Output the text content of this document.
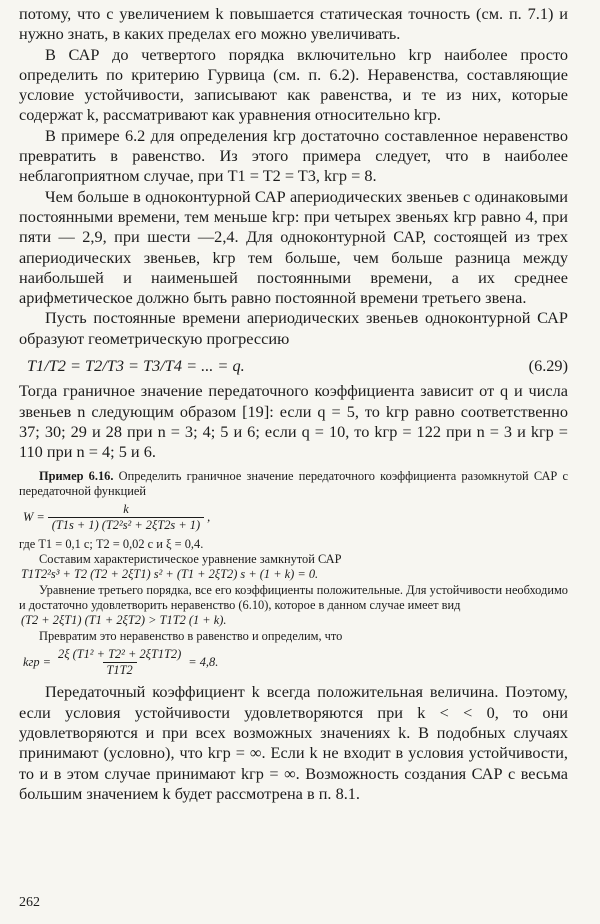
потому, что с увеличением k повышается статическая точность (см. п. 7.1) и нужно знать, в каких пределах его можно увеличивать.

В САР до четвертого порядка включительно kгр наиболее просто определить по критерию Гурвица (см. п. 6.2). Неравенства, составляющие условие устойчивости, записывают как равенства, и те из них, которые содержат k, рассматривают как уравнения относительно kгр.

В примере 6.2 для определения kгр достаточно составленное неравенство превратить в равенство. Из этого примера следует, что в наиболее неблагоприятном случае, при T1 = T2 = T3, kгр = 8.

Чем больше в одноконтурной САР апериодических звеньев с одинаковыми постоянными времени, тем меньше kгр: при четырех звеньях kгр равно 4, при пяти — 2,9, при шести —2,4. Для одноконтурной САР, состоящей из трех апериодических звеньев, kгр тем больше, чем больше разница между наибольшей и наименьшей постоянными времени, а их среднее арифметическое должно быть равно постоянной времени третьего звена.

Пусть постоянные времени апериодических звеньев одноконтурной САР образуют геометрическую прогрессию

T1/T2 = T2/T3 = T3/T4 = ... = q.	(6.29)

Тогда граничное значение передаточного коэффициента зависит от q и числа звеньев n следующим образом [19]: если q = 5, то kгр равно соответственно 37; 30; 29 и 28 при n = 3; 4; 5 и 6; если q = 10, то kгр = 122 при n = 3 и kгр = 110 при n = 4; 5 и 6.

Пример 6.16. Определить граничное значение передаточного коэффициента разомкнутой САР с передаточной функцией

$W = \frac{k}{\text{(T1s + 1) (T2²s² + 2ξT2s + 1)}}$ ,

где T1 = 0,1 с; T2 = 0,02 с и ξ = 0,4.

Составим характеристическое уравнение замкнутой САР

T1T2²s³ + T2 (T2 + 2ξT1) s² + (T1 + 2ξT2) s + (1 + k) = 0.

Уравнение третьего порядка, все его коэффициенты положительные. Для устойчивости необходимо и достаточно удовлетворить неравенство (6.10), которое в данном случае имеет вид

(T2 + 2ξT1) (T1 + 2ξT2) > T1T2 (1 + k).

Превратим это неравенство в равенство и определим, что

kгр = $\frac{\text{2ξ (T1² + T2² + 2ξT1T2)}}{T1T2} = 4,8$.

Передаточный коэффициент k всегда положительная величина. Поэтому, если условия устойчивости удовлетворяются при k < < 0, то они удовлетворяются и при всех возможных значениях k. В подобных случаях принимают (условно), что kгр = ∞. Если k не входит в условия устойчивости, то и в этом случае принимают kгр = ∞. Возможность создания САР с весьма большим значением k будет рассмотрена в п. 8.1.

262
